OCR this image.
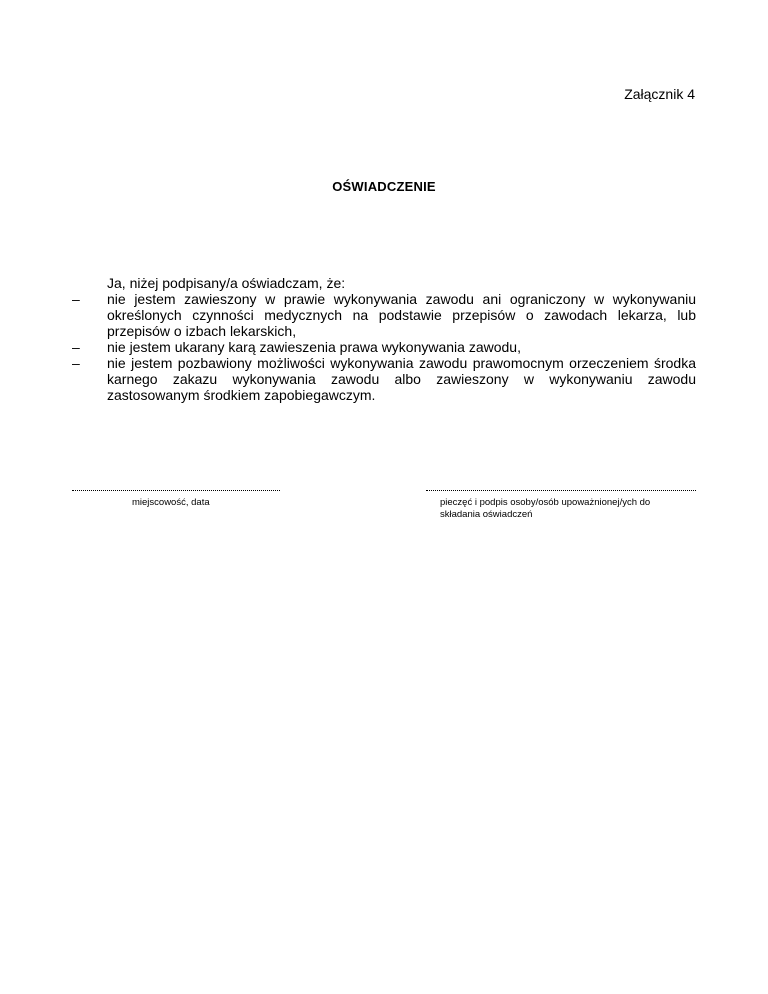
Załącznik 4
OŚWIADCZENIE
Ja, niżej podpisany/a oświadczam, że:
–	nie jestem zawieszony w prawie wykonywania zawodu ani ograniczony w wykonywaniu określonych czynności medycznych na podstawie przepisów o zawodach lekarza, lub przepisów o izbach lekarskich,
–	nie jestem ukarany karą zawieszenia prawa wykonywania zawodu,
–	nie jestem pozbawiony możliwości wykonywania zawodu prawomocnym orzeczeniem środka karnego zakazu wykonywania zawodu albo zawieszony w wykonywaniu zawodu zastosowanym środkiem zapobiegawczym.
miejscowość, data	pieczęć i podpis osoby/osób upoważnionej/ych do
składania oświadczeń
